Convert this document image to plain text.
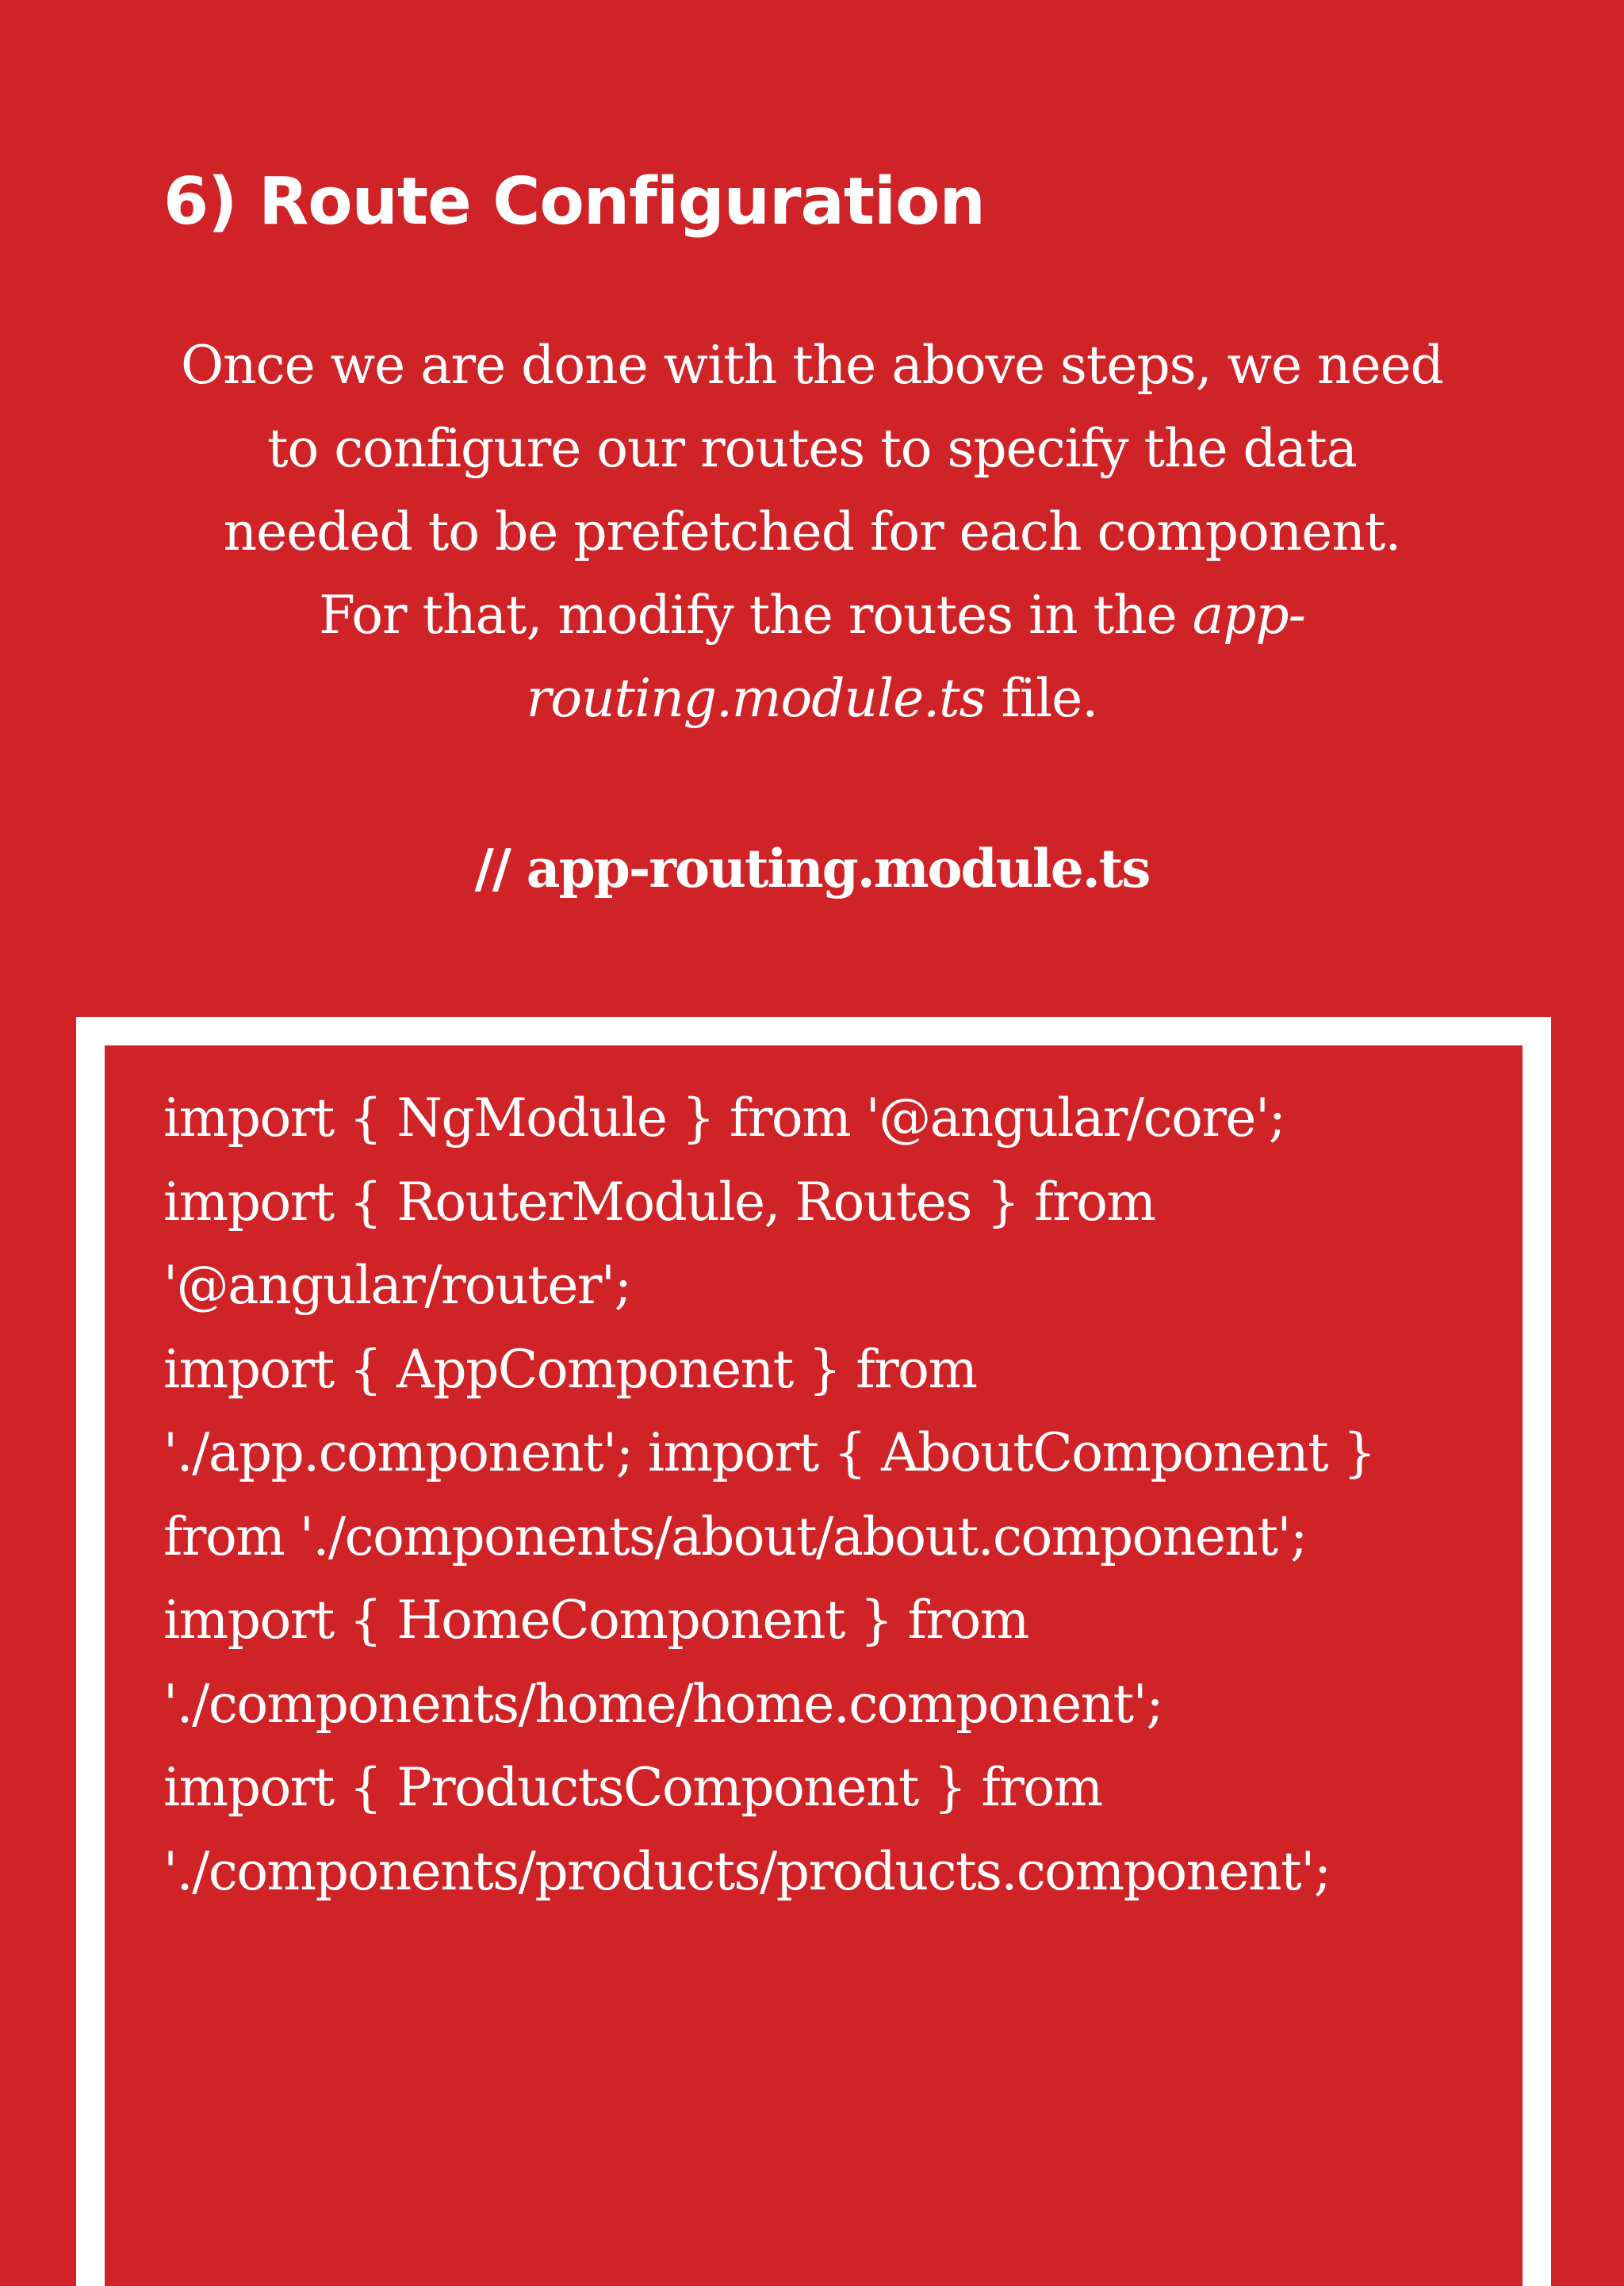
6) Route Configuration

Once we are done with the above steps, we need
to configure our routes to specify the data
needed to be prefetched for each component.
For that, modify the routes in the app-
routing.module.ts file.

// app-routing.module.ts

import { NgModule } from '@angular/core';
import { RouterModule, Routes } from
'@angular/router';
import { AppComponent } from
'./app.component'; import { AboutComponent }
from './components/about/about.component';
import { HomeComponent } from
'./components/home/home.component';
import { ProductsComponent } from
'./components/products/products.component';
